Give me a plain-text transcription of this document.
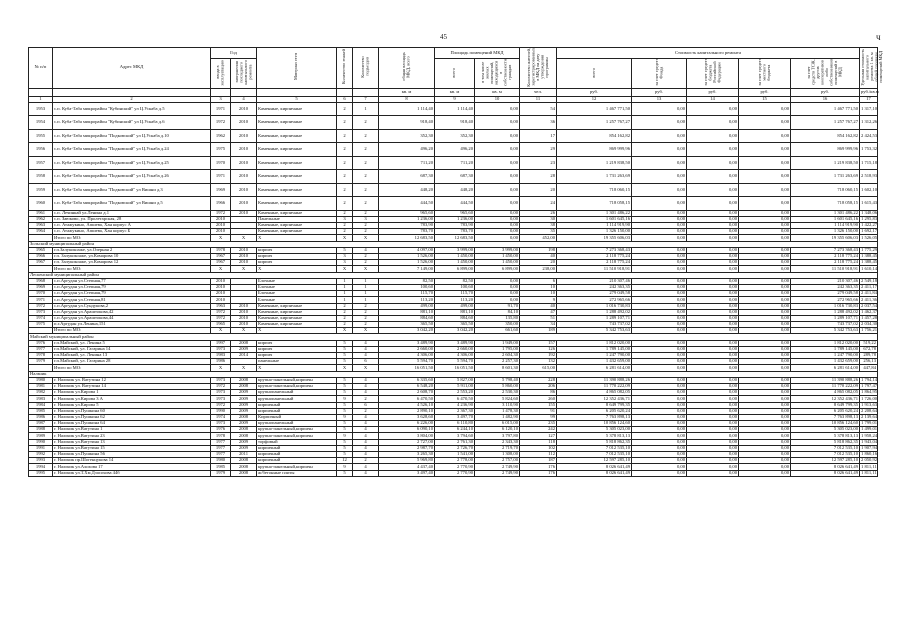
45	ч
№ п/п	Адрес МКД	Год		Материал стен	Количество этажей	Количество подъездов	общая площадь МКД, всего	Площадь помещений МКД		Количество жителей, зарегистрированных в МКД на дату утверждения программы	Стоимость капитального ремонта					Удельная стоимость капитального ремонта 1 кв. м общей площади помещений МКД
		ввода в эксплуатацию	завершения последнего капитального ремонта					всего	в том числе жилых помещений, находящихся в собственности граждан		всего	за счет средств Фонда	за счет средств бюджета Российской Федерации	за счет средств местного бюджета	за счет средств ТСЖ, других кооперативов либо собственников помещений в МКД	

							кв. м	кв. м	кв. м	чел.	руб.	руб.	руб.	руб.	руб.	руб./кв.м
1	2	3	4	5	6	7	8	9	10	11	12	13	14	15	16	17
1953	с.п. Кубa-Таба микрорайон "Кубинский" ул Ц.Ускабa д.5	1971	2010	Каменные, кирпичные	2	1	1 114,40	1 114,40	0,00	54	1 467 771,50	0,00	0,00	0,00	1 467 771,50	1 317,10
1954	с.п. Куба-Таба микрорайон "Кубинский" ул Ц.Ускабa д.6	1972	2010	Каменные, кирпичные	2	2	918,40	918,40	0,00	36	1 257 767,27	0,00	0,00	0,00	1 257 767,27	1 312,26
1955	с.п. Куба-Таба микрорайон "Подковский" ул Ц.Ускаба д.10	1962	2010	Каменные, кирпичные	2	2	352,30	352,30	0,00	17	854 162,82	0,00	0,00	0,00	854 162,82	2 424,53
1956	с.п. Куба-Таба микрорайон "Подковский" ул Ц.Ускаба д.24	1975	2010	Каменные, кирпичные	2	2	496,20	496,20	0,00	29	869 999,96	0,00	0,00	0,00	869 999,96	1 753,32
1957	с.п. Куба-Таба микрорайон "Подковский" ул Ц.Ускаба д.25	1970	2010	Каменные, кирпичные	2	2	711,20	711,20	0,00	23	1 219 838,50	0,00	0,00	0,00	1 219 838,50	1 715,18
1958	с.п. Куба-Таба микрорайон "Подковский" ул Ц.Ускаба д.26	1971	2010	Каменные, кирпичные	2	2	687,30	687,30	0,00	28	1 731 263,69	0,00	0,00	0,00	1 731 263,69	2 518,93
1959	с.п. Куба-Таба микрорайон "Подковский" ул Вишни д.3	1969	2010	Каменные, кирпичные	2	2	448,20	448,20	0,00	20	718 060,15	0,00	0,00	0,00	718 060,15	1 602,10
1960	с.п. Куба-Таба микрорайон "Подковский" ул Вишни д.5	1966	2010	Каменные, кирпичные	2	2	444,50	444,50	0,00	24	718 058,15	0,00	0,00	0,00	718 058,15	1 615,43
1961	с.п. Лечинкай ул.Ленина д.1	1972	2010	Каменные, кирпичные	2	2	965,60	965,60	0,00	26	1 301 486,22	0,00	0,00	0,00	1 301 486,22	1 348,06
1962	с.п. Заюково, ул. Пролетарская, 28	2010		Панельные	3	3	1 236,00	1 236,00	0,00	30	1 601 645,16	0,00	0,00	0,00	1 601 645,16	1 295,83
1963	с.п. Атажукино, Апшева, Хан корпус А	2010		Каменные, кирпичные	2	2	783,90	783,90	0,00	38	1 114 919,90	0,00	0,00	0,00	1 114 919,90	1 422,27
1964	с.п. Атажукино, Апшева, Хан корпус Б	2010		Каменные, кирпичные	2	2	783,70	783,70	0,00	35	1 326 150,00	0,00	0,00	0,00	1 326 150,00	1 692,17
	Итого по МО:	X	X	X	X	X	12 683,50	12 683,50	0,00	452,00	19 355 606,03	0,00	0,00	0,00	19 355 606,03	1 526,05
Зольский муниципальный район																
1965	г.п.Залукокоаже, ул.Озерная 2	1978	2010	кирпич	5	4	4 097,00	3 999,00	3 999,00	198	7 273 368,43	0,00	0,00	0,00	7 273 368,43	1 775,29
1966	г.п. Залукокоаже, ул.Комарова 10	1967	2010	кирпич	3	2	1 526,00	1 450,00	1 450,00	40	2 118 775,24	0,00	0,00	0,00	2 118 775,24	1 388,45
1967	г.п. Залукокоаже, ул.Комарова 12	1967	2010	кирпич	3	2	1 526,00	1 450,00	1 450,00	20	2 118 775,24	0,00	0,00	0,00	2 118 775,24	1 388,45
	Итого по МО:	X	X	X	X	X	7 149,00	6 899,00	6 899,00	238,00	11 510 918,91	0,00	0,00	0,00	11 510 918,91	1 610,14
Лескенский муниципальный район																
1968	с.п.Аргудан ул.Степная,77	2010		Блочные	1	1	82,50	82,50	0,00	6	210 307,46	0,00	0,00	0,00	210 307,46	2 549,18
1969	с.п.Аргудан ул.Степная,79	2010		Блочные	1	1	100,60	100,60	0,00	10	242 363,35	0,00	0,00	0,00	242 363,35	2 411,17
1970	с.п.Аргудан ул.Степная,79	2010		Блочные	1	1	115,70	115,70	0,00	10	279 049,58	0,00	0,00	0,00	279 049,58	2 411,84
1971	с.п.Аргудан ул.Степная,81	2010		Блочные	1	1	113,20	113,20	0,00	9	272 965,66	0,00	0,00	0,00	272 965,66	2 411,36
1972	с.п.Аргудан ул.Сундукова,2	1963	2010	Каменные, кирпичные	2	2	499,00	499,00	91,70	40	1 016 730,83	0,00	0,00	0,00	1 016 730,83	2 037,54
1973	с.п.Аргудан ул.Араштокова,42	1972	2010	Каменные, кирпичные	2	2	881,10	881,10	84,10	47	1 288 492,02	0,00	0,00	0,00	1 288 492,02	1 462,37
1974	с.п.Аргудан ул.Араштокова,44	1972	2010	Каменные, кирпичные	2	2	884,60	884,60	135,80	51	1 289 107,71	0,00	0,00	0,00	1 289 107,71	1 457,28
1975	п.г.Аргудан ул.Ленина,151	1965	2010	Каменные, кирпичные	2	2	365,50	365,50	350,00	34	743 737,02	0,00	0,00	0,00	743 737,02	2 034,30
	Итого по МО:	X	X	X	X	X	3 042,20	3 042,20	661,60	189	5 342 753,63	0,00	0,00	0,00	5 342 753,63	1 756,21
Майский муниципальный район																
1976	г.п.Майский, ул. Ленина 5	1997	2008	кирпич	5	4	3 489,90	3 489,90	1 949,00	157	1 812 020,00	0,00	0,00	0,00	1 812 020,00	519,22
1977	г.п.Майский, ул. Гагарина 14	1973	2009	кирпич	5	4	2 660,00	2 660,00	1 795,00	126	1 789 145,00	0,00	0,00	0,00	1 789 145,00	672,78
1978	г.п.Майский, ул. Ленина 13	1983	2014	кирпич	5	4	4 306,00	4 306,00	2 604,30	192	1 247 790,00	0,00	0,00	0,00	1 247 790,00	289,78
1979	г.п.Майский, ул. Гагарина 28	1986		панельные	5	6	5 594,70	5 594,70	2 257,30	132	1 432 659,00	0,00	0,00	0,00	1 432 659,00	256,13
	Итого по МО:	X	X	X	X	X	16 051,50	16 051,50	8 601,30	615,00	6 281 614,00	0,00	0,00	0,00	6 281 614,00	447,84
Нальчик																
1980	г. Нальчик ул. Ватутина 12	1973	2008	крупно-панельный,кирпичн	5	4	6 335,60	5 827,00	5 798,40	228	11 390 888,26	0,00	0,00	0,00	11 390 888,26	1 794,14
1981	г. Нальчик ул. Ватутина 14	1972	2008	крупно-панельный,кирпичн	5	4	6 548,20	5 911,00	5 860,00	206	11 770 222,09	0,00	0,00	0,00	11 770 222,09	1 797,47
1982	г. Нальчик ул.Кирова 1	1973	2009	крупнопанельный	5	4	2 608,70	2 553,20	2 530,30	86	4 865 082,05	0,00	0,00	0,00	4 865 082,05	1 864,95
1983	г. Нальчик ул.Кирова 3 А	1973	2009	крупнопанельный	9	2	6 470,50	6 470,50	5 824,60	260	12 352 436,71	0,00	0,00	0,00	12 352 436,71	1 726,00
1984	г. Нальчик ул.Кирова 5	1972	2009	кирпичный	5	6	4 526,10	4 236,90	3 110,90	155	8 649 799,35	0,00	0,00	0,00	8 649 799,35	1 913,63
1985	г. Нальчик ул.Пушкина 60	1990	2009	кирпичный	5	2	2 890,10	2 367,30	1 478,30	91	6 205 620,24	0,00	0,00	0,00	6 205 620,24	2 208,64
1986	г. Нальчик ул.Пушкина 62	1974	2008	Кирпичный	9	4	3 628,60	3 497,70	1 482,90	99	7 763 898,13	0,00	0,00	0,00	7 763 898,13	2 139,64
1987	г. Нальчик ул.Пушкина 64	1973	2009	крупнопанельный	5	4	6 226,00	6 110,80	6 015,00	235	10 856 124,60	0,00	0,00	0,00	10 856 124,60	1 799,01
1988	г. Нальчик ул.Ватутина 1	1976	2008	крупно-панельный,кирпичн	5	4	6 090,10	6 244,10	6 120,10	242	5 305 023,00	0,00	0,00	0,00	5 305 023,00	1 499,01
1989	г. Нальчик ул.Ватутина 23	1978	2008	крупно-панельный,кирпичн	9	4	3 804,00	3 794,60	3 797,80	127	5 378 813,13	0,00	0,00	0,00	5 378 813,13	1 958,24
1990	г. Нальчик ул.Ватутина 13	1977	2009	торфовый	5	4	2 727,00	2 761,30	2 343,30	118	5 818 862,35	0,00	0,00	0,00	5 818 862,35	1 943,04
1991	г. Нальчик ул.Ватутина 15	1977	2009	кирпичный	5	4	2 987,70	2 726,70	2 719,70	102	7 012 535,10	0,00	0,00	0,00	7 012 535,10	1 907,94
1992	г. Нальчик ул.Пушкина 56	1977	2011	кирпичный	5	4	3 265,30	1 541,00	1 308,00	112	7 012 535,10	0,00	0,00	0,00	7 012 535,10	1 860,16
1993	г. Нальчик пр.Шогенцукова 14	1980	2008	кирпичный	12	2	5 969,80	2 778,00	2 757,00	187	12 597 285,10	0,00	0,00	0,00	12 597 285,10	2 050,92
1994	г. Нальчик ул.Ахохова 17	1985	2008	крупно-панельный,кирпичн	9	4	4 437,40	2 770,90	2 749,90	176	8 026 641,49	0,00	0,00	0,00	8 026 641,49	1 811,11
1995	г. Нальчик ул.Т.Хм.Дзасохова 44б	1979	2008	ж/бетонные плиты	5	4	3 497,40	2 770,90	2 749,90	176	8 026 641,49	0,00	0,00	0,00	8 026 641,49	1 811,11
